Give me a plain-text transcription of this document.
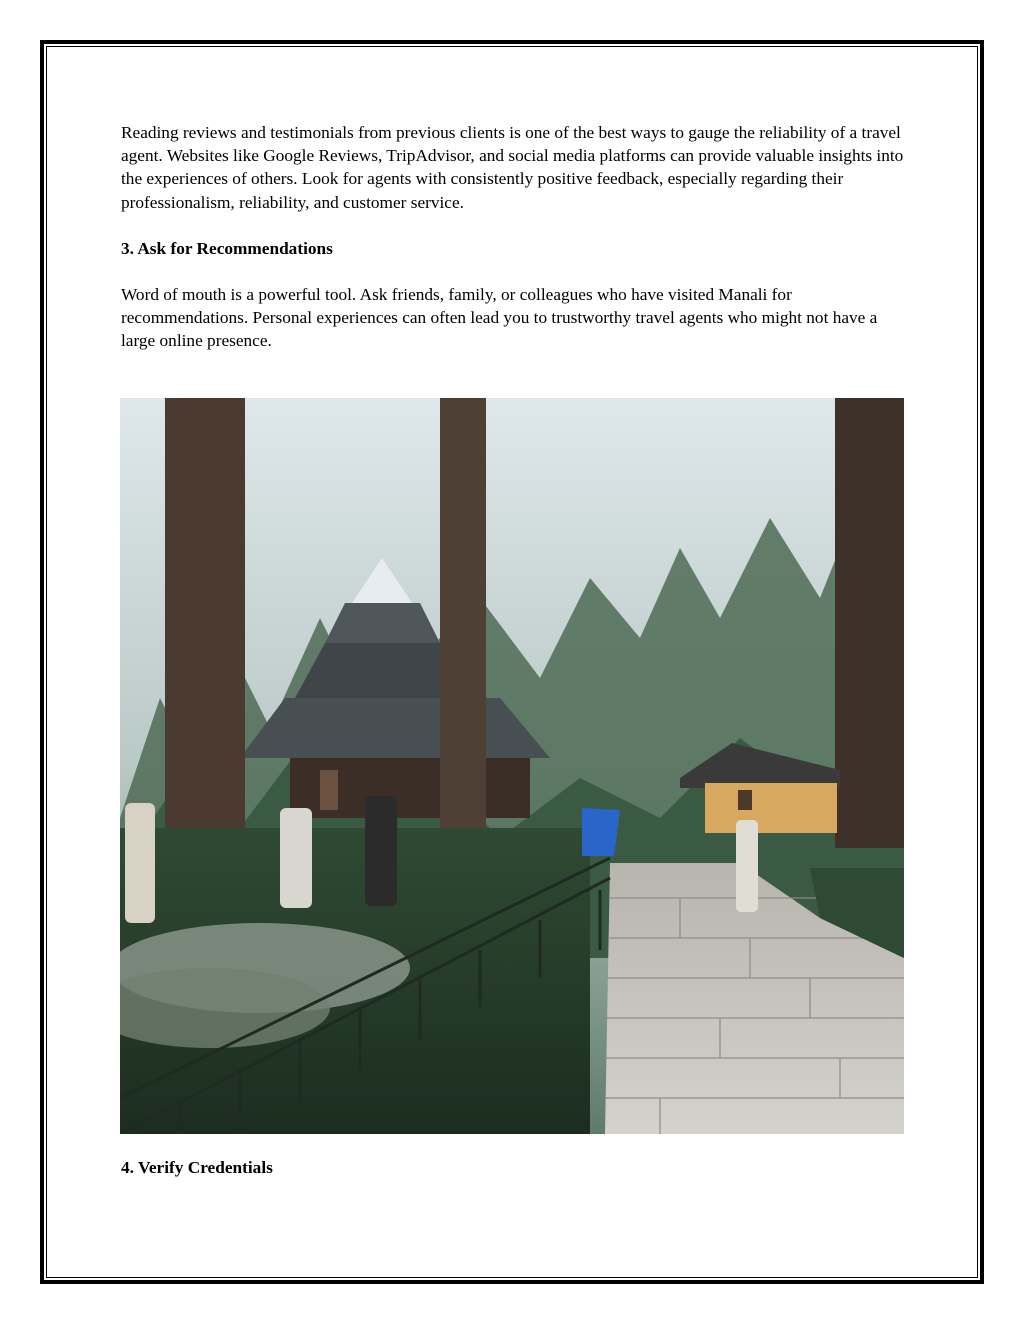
Reading reviews and testimonials from previous clients is one of the best ways to gauge the reliability of a travel agent. Websites like Google Reviews, TripAdvisor, and social media platforms can provide valuable insights into the experiences of others. Look for agents with consistently positive feedback, especially regarding their professionalism, reliability, and customer service.

3. Ask for Recommendations

Word of mouth is a powerful tool. Ask friends, family, or colleagues who have visited Manali for recommendations. Personal experiences can often lead you to trustworthy travel agents who might not have a large online presence.

4. Verify Credentials
